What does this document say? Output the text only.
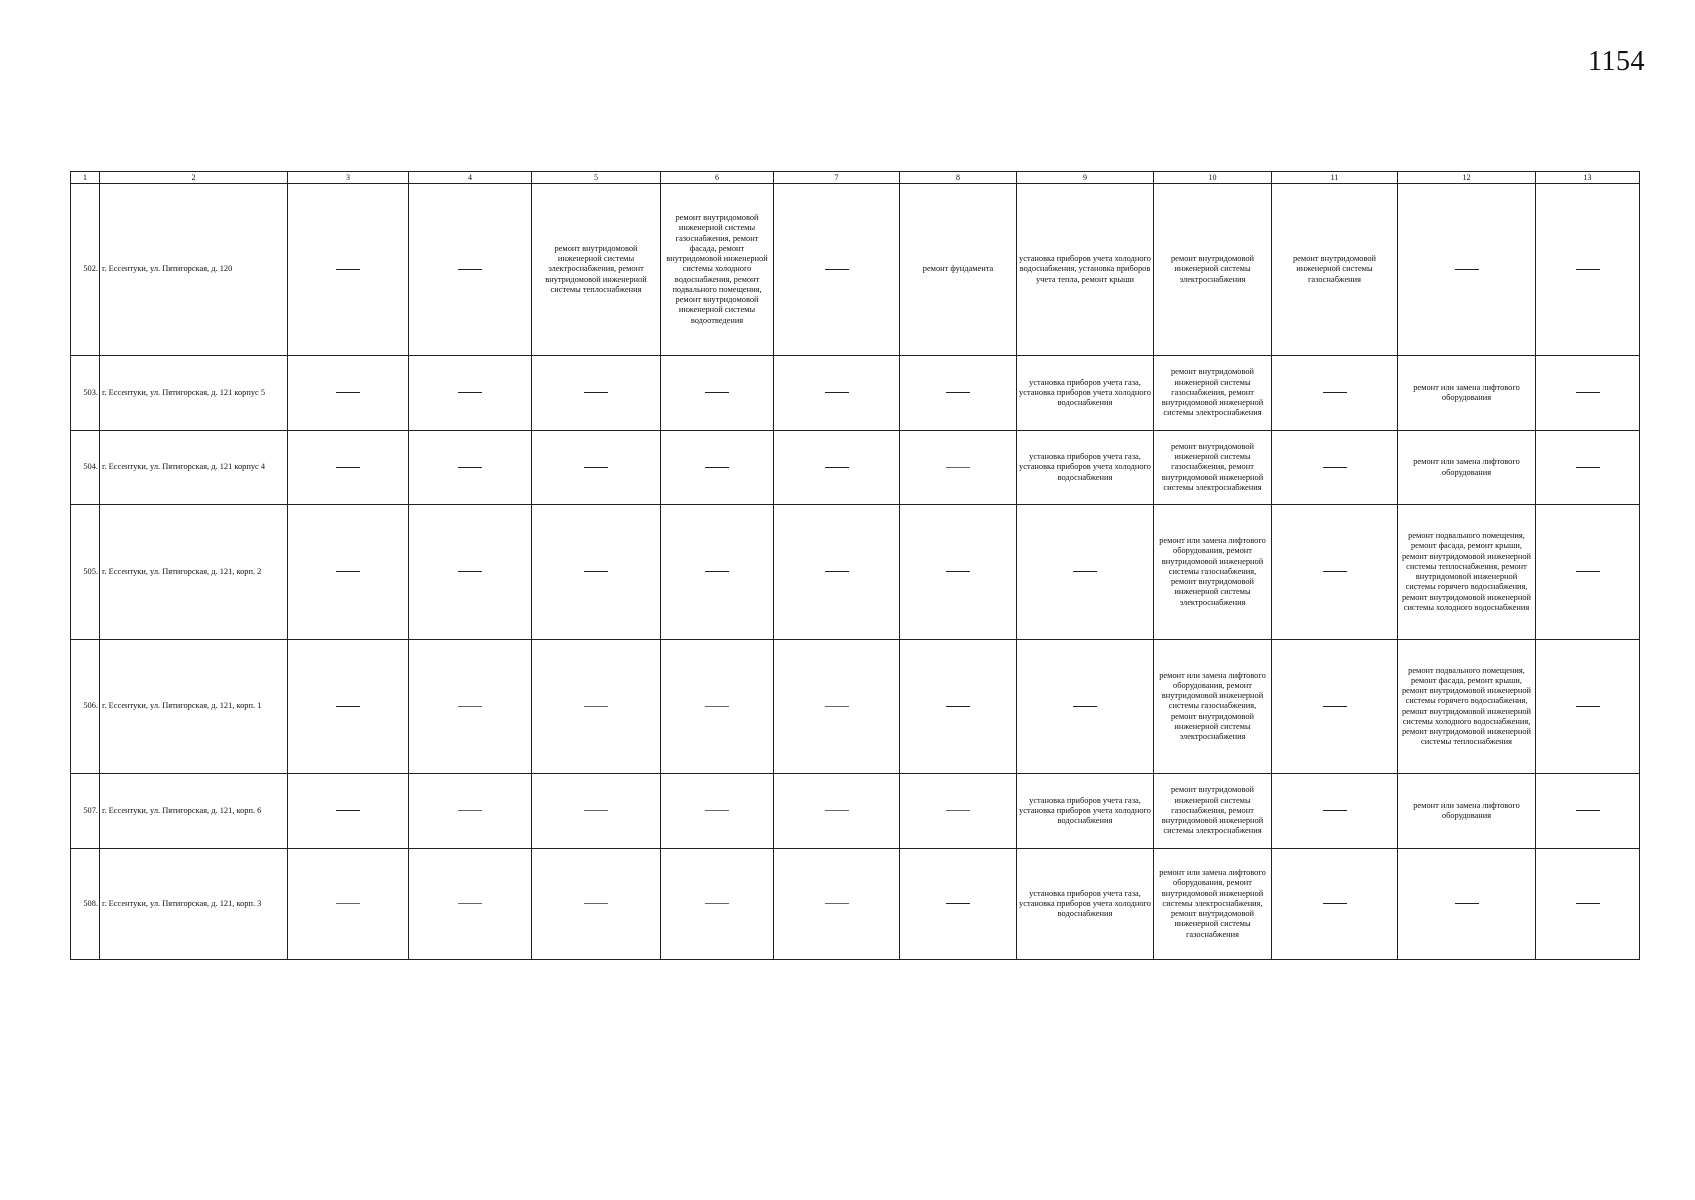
1154
1	2	3	4	5	6	7	8	9	10	11	12	13
502.	г. Ессентуки, ул. Пятигорская, д. 120			ремонт внутридомовой инженерной системы электроснабжения, ремонт внутридомовой инженерной системы теплоснабжения	ремонт внутридомовой инженерной системы газоснабжения, ремонт фасада, ремонт внутридомовой инженерной системы холодного водоснабжения, ремонт подвального помещения, ремонт внутридомовой инженерной системы водоотведения		ремонт фундамента	установка приборов учета холодного водоснабжения, установка приборов учета тепла, ремонт крыши	ремонт внутридомовой инженерной системы электроснабжения	ремонт внутридомовой инженерной системы газоснабжения		
503.	г. Ессентуки, ул. Пятигорская, д. 121 корпус 5							установка приборов учета газа, установка приборов учета холодного водоснабжения	ремонт внутридомовой инженерной системы газоснабжения, ремонт внутридомовой инженерной системы электроснабжения		ремонт или замена лифтового оборудования	
504.	г. Ессентуки, ул. Пятигорская, д. 121 корпус 4							установка приборов учета газа, установка приборов учета холодного водоснабжения	ремонт внутридомовой инженерной системы газоснабжения, ремонт внутридомовой инженерной системы электроснабжения		ремонт или замена лифтового оборудования	
505.	г. Ессентуки, ул. Пятигорская, д. 121, корп. 2								ремонт или замена лифтового оборудования, ремонт внутридомовой инженерной системы газоснабжения, ремонт внутридомовой инженерной системы электроснабжения		ремонт подвального помещения, ремонт фасада, ремонт крыши, ремонт внутридомовой инженерной системы теплоснабжения, ремонт внутридомовой инженерной системы горячего водоснабжения, ремонт внутридомовой инженерной системы холодного водоснабжения	
506.	г. Ессентуки, ул. Пятигорская, д. 121, корп. 1								ремонт или замена лифтового оборудования, ремонт внутридомовой инженерной системы газоснабжения, ремонт внутридомовой инженерной системы электроснабжения		ремонт подвального помещения, ремонт фасада, ремонт крыши, ремонт внутридомовой инженерной системы горячего водоснабжения, ремонт внутридомовой инженерной системы холодного водоснабжения, ремонт внутридомовой инженерной системы теплоснабжения	
507.	г. Ессентуки, ул. Пятигорская, д. 121, корп. 6							установка приборов учета газа, установка приборов учета холодного водоснабжения	ремонт внутридомовой инженерной системы газоснабжения, ремонт внутридомовой инженерной системы электроснабжения		ремонт или замена лифтового оборудования	
508.	г. Ессентуки, ул. Пятигорская, д. 121, корп. 3							установка приборов учета газа, установка приборов учета холодного водоснабжения	ремонт или замена лифтового оборудования, ремонт внутридомовой инженерной системы электроснабжения, ремонт внутридомовой инженерной системы газоснабжения			
